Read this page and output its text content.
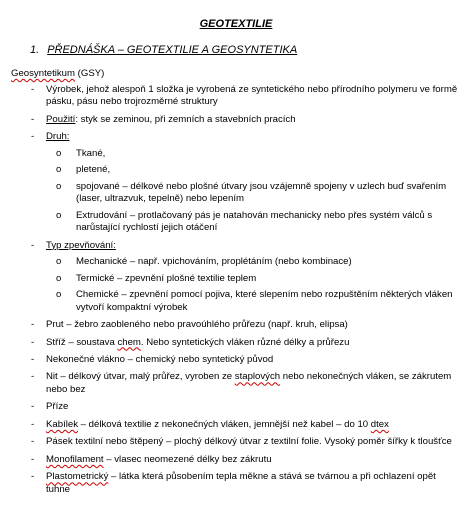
GEOTEXTILIE
1. PŘEDNÁŠKA – GEOTEXTILIE A GEOSYNTETIKA
Geosyntetikum (GSY)
- Výrobek, jehož alespoň 1 složka je vyrobená ze syntetického nebo přírodního polymeru ve formě pásku, pásu nebo trojrozměrné struktury
- Použití: styk se zeminou, při zemních a stavebních pracích
- Druh:
o Tkané,
o pletené,
o spojované – délkové nebo plošné útvary jsou vzájemně spojeny v uzlech buď svařením (laser, ultrazvuk, tepelně) nebo lepením
o Extrudování – protlačovaný pás je natahován mechanicky nebo přes systém válců s narůstající rychlostí jejich otáčení
- Typ zpevňování:
o Mechanické – např. vpichováním, proplétáním (nebo kombinace)
o Termické – zpevnění plošné textilie teplem
o Chemické – zpevnění pomocí pojiva, které slepením nebo rozpuštěním některých vláken vytvoří kompaktní výrobek
- Prut – žebro zaobleného nebo pravoúhlého průřezu (např. kruh, elipsa)
- Stříž – soustava chem. Nebo syntetických vláken různé délky a průřezu
- Nekonečné vlákno – chemický nebo syntetický původ
- Nit – délkový útvar, malý průřez, vyroben ze staplových nebo nekonečných vláken, se zákrutem nebo bez
- Příze
- Kabílek – délková textilie z nekonečných vláken, jemnější než kabel – do 10 dtex
- Pásek textilní nebo štěpený – plochý délkový útvar z textilní folie. Vysoký poměr šířky k tloušťce
- Monofilament – vlasec neomezené délky bez zákrutu
- Plastometrický – látka která působením tepla měkne a stává se tvárnou a při ochlazení opět tuhne
